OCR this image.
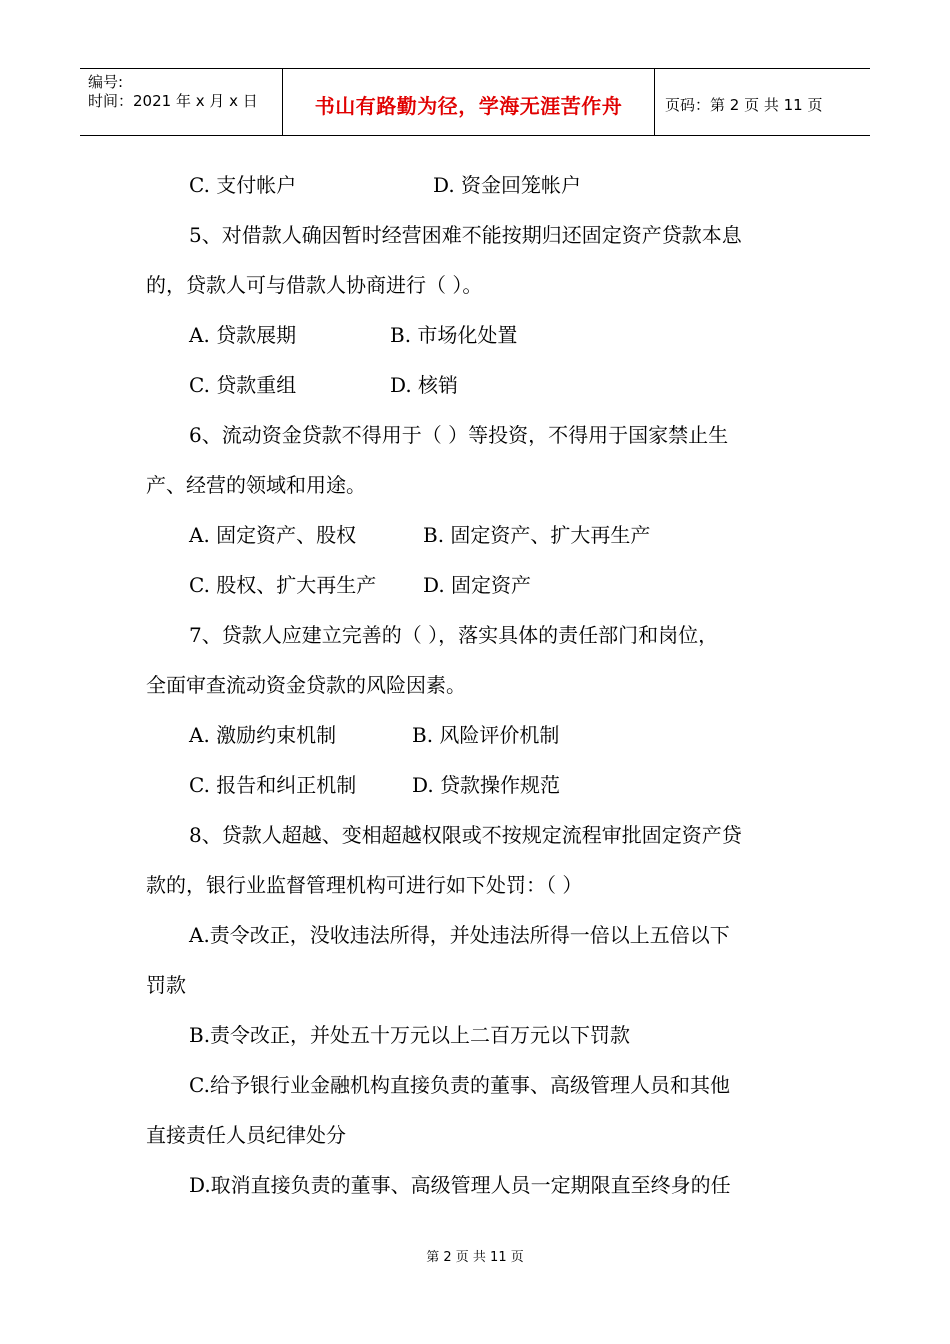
编号:
时间：2021 年 x 月 x 日	书山有路勤为径，学海无涯苦作舟	页码：第 2 页 共 11 页
C. 支付帐户	D. 资金回笼帐户
5、对借款人确因暂时经营困难不能按期归还固定资产贷款本息
的，贷款人可与借款人协商进行（ ）。
A. 贷款展期	B. 市场化处置
C. 贷款重组	D. 核销
6、流动资金贷款不得用于（ ）等投资，不得用于国家禁止生
产、经营的领域和用途。
A. 固定资产、股权	B. 固定资产、扩大再生产
C. 股权、扩大再生产 D. 固定资产
7、贷款人应建立完善的（ ），落实具体的责任部门和岗位，
全面审查流动资金贷款的风险因素。
A. 激励约束机制	B. 风险评价机制
C. 报告和纠正机制	D. 贷款操作规范
8、贷款人超越、变相超越权限或不按规定流程审批固定资产贷
款的，银行业监督管理机构可进行如下处罚：（ ）
A.责令改正，没收违法所得，并处违法所得一倍以上五倍以下
罚款
B.责令改正，并处五十万元以上二百万元以下罚款
C.给予银行业金融机构直接负责的董事、高级管理人员和其他
直接责任人员纪律处分
D.取消直接负责的董事、高级管理人员一定期限直至终身的任
第 2 页 共 11 页
